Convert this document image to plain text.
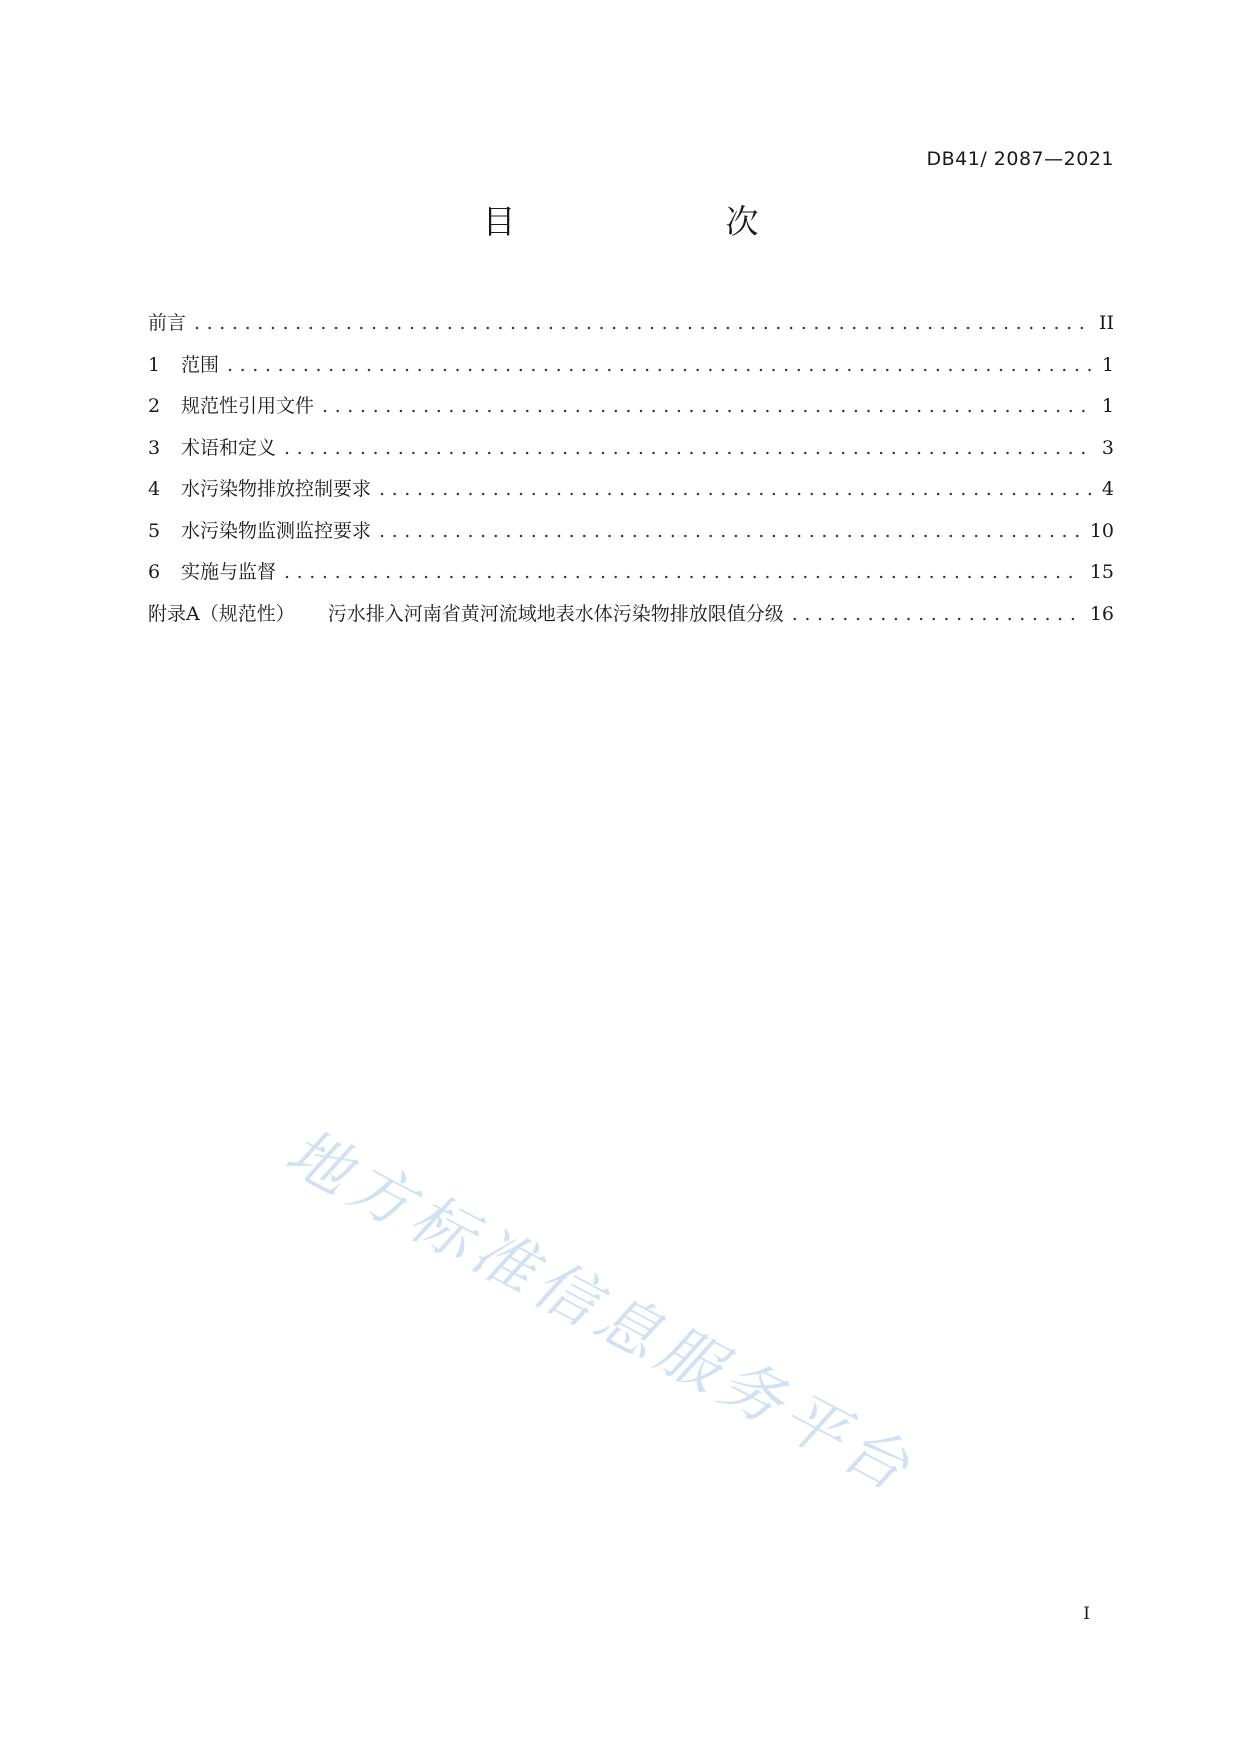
DB41/ 2087—2021
目　　次
前言 .....	II
1	范围 .....	1
2	规范性引用文件 .....	1
3	术语和定义 .....	3
4	水污染物排放控制要求 .....	4
5	水污染物监测监控要求 .....	10
6	实施与监督 .....	15
附录A（规范性） 污水排入河南省黄河流域地表水体污染物排放限值分级 .....	16
地方标准信息服务平台
I
